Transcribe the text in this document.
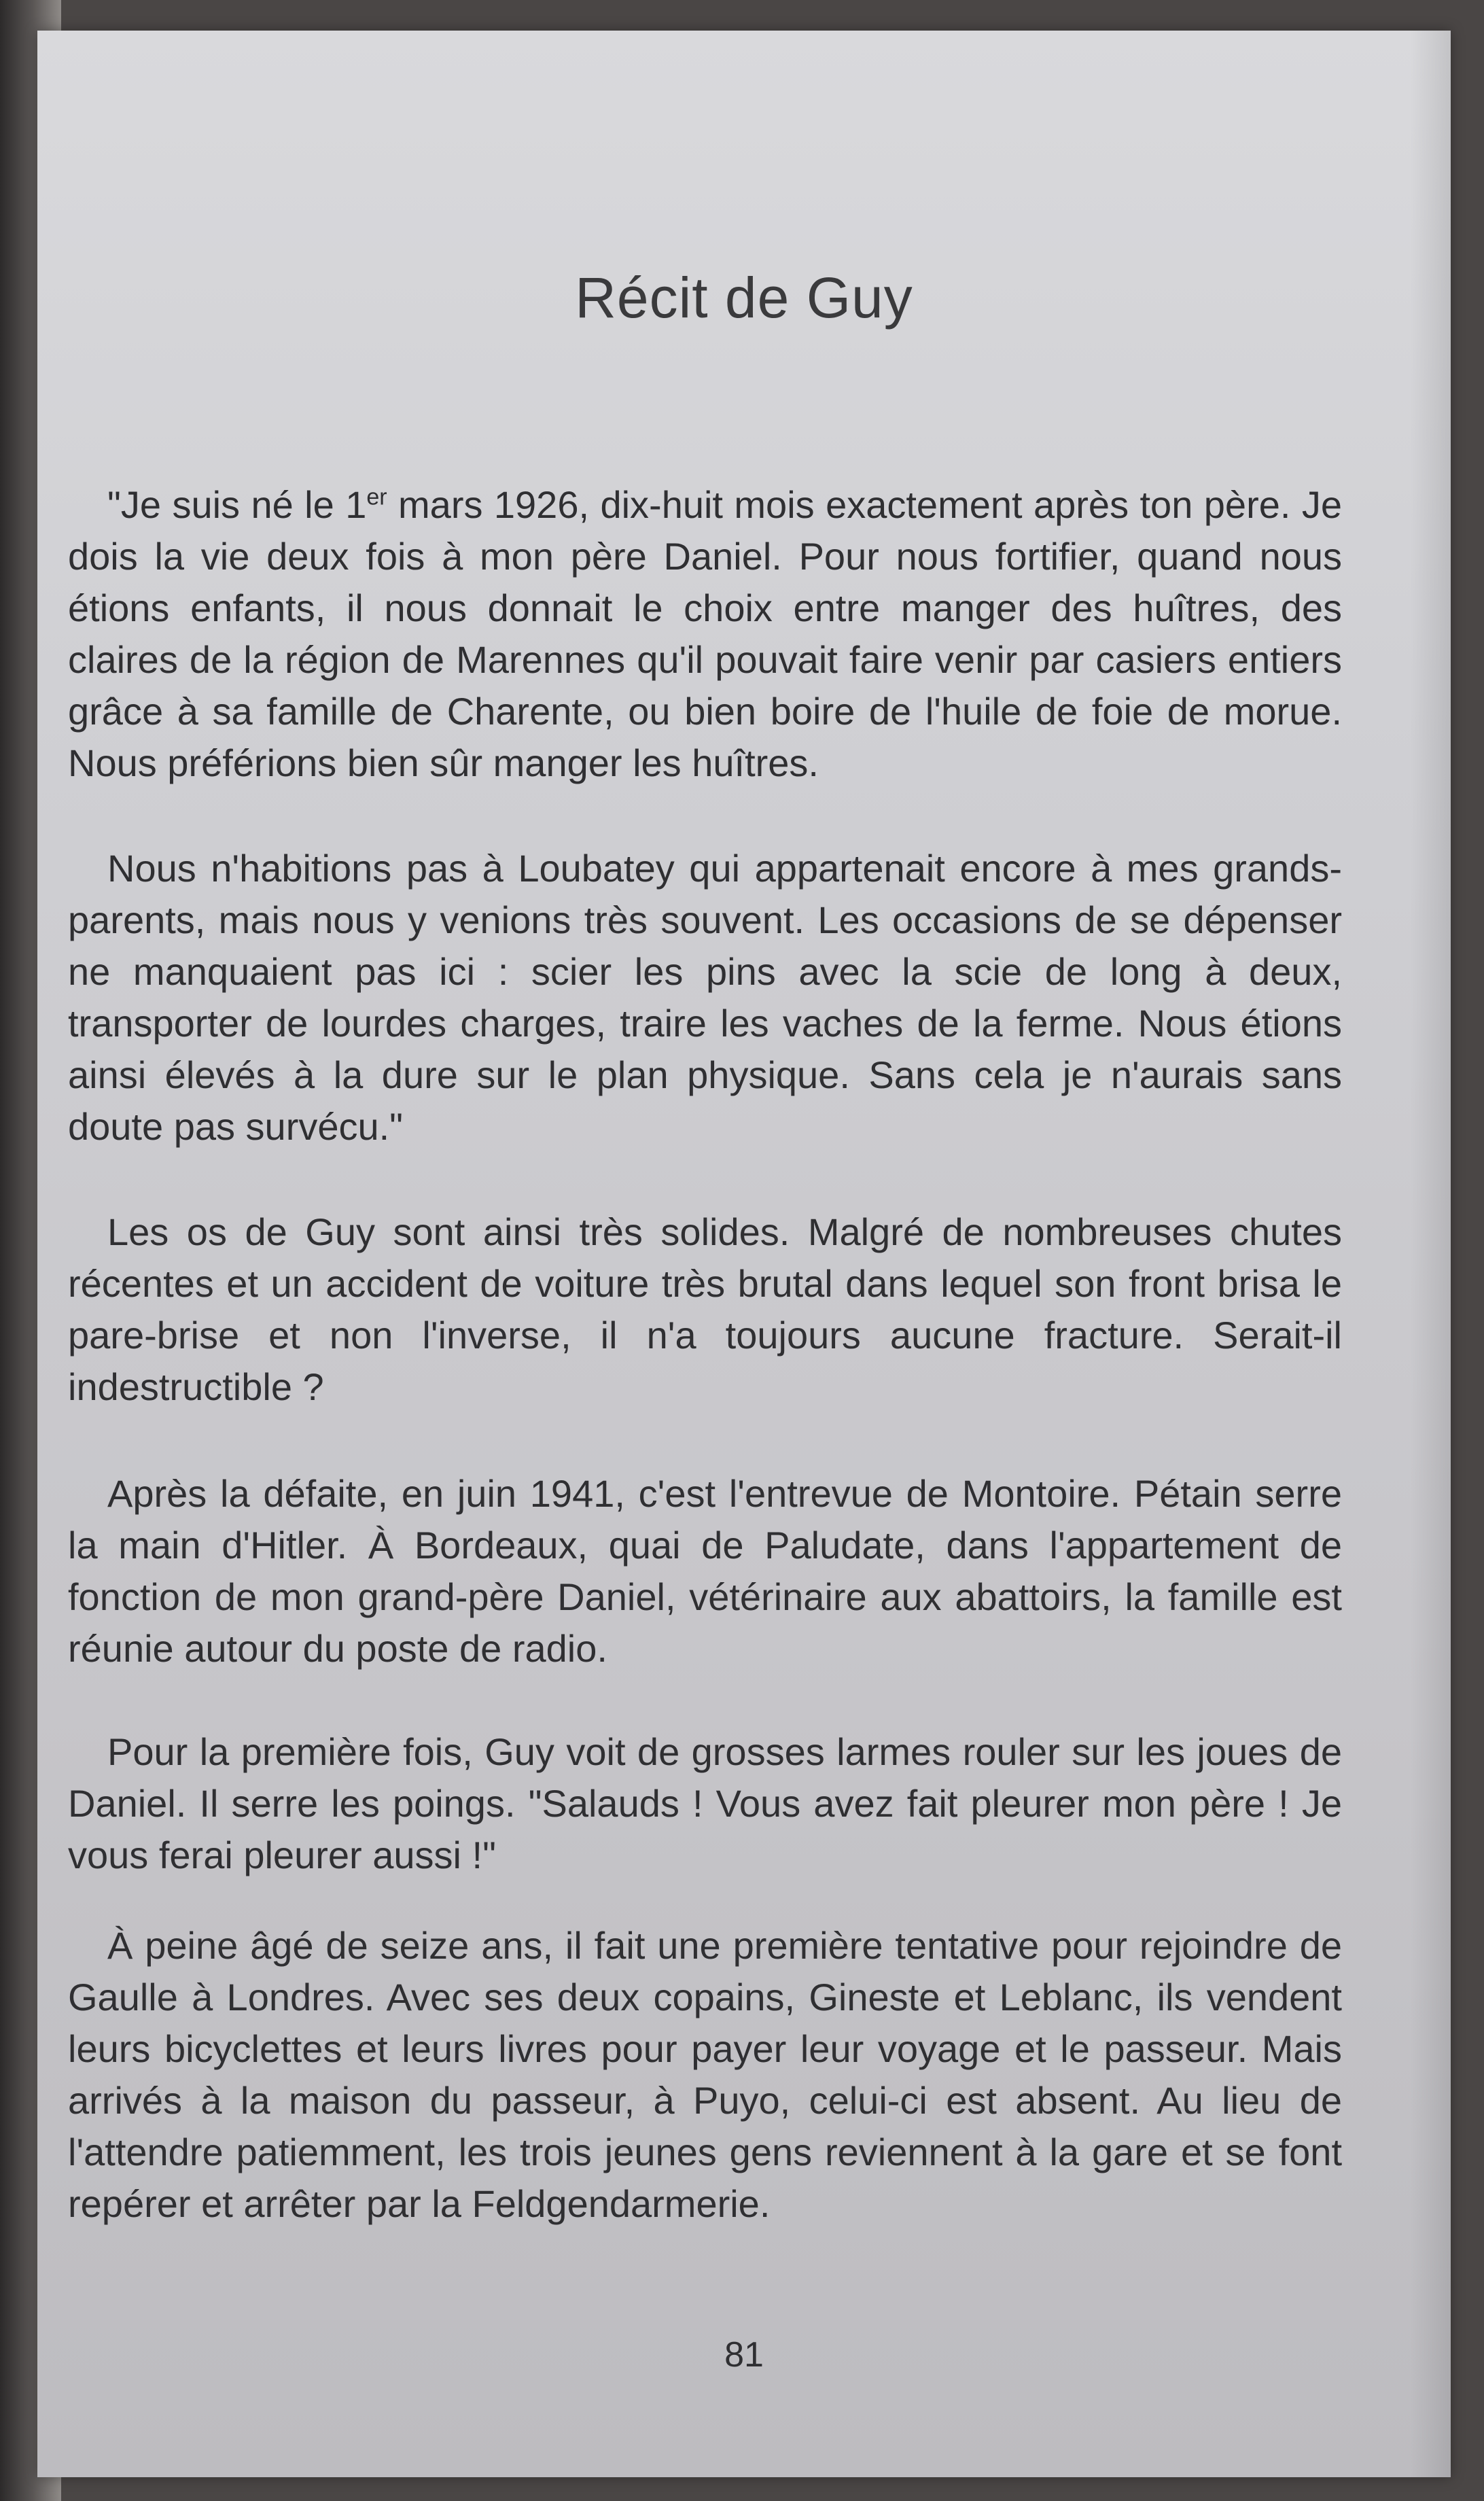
Récit de Guy

"Je suis né le 1er mars 1926, dix-huit mois exactement après ton père. Je dois la vie deux fois à mon père Daniel. Pour nous fortifier, quand nous étions enfants, il nous donnait le choix entre manger des huîtres, des claires de la région de Marennes qu'il pouvait faire venir par casiers entiers grâce à sa famille de Charente, ou bien boire de l'huile de foie de morue. Nous préférions bien sûr manger les huîtres.

Nous n'habitions pas à Loubatey qui appartenait encore à mes grands-parents, mais nous y venions très souvent. Les occasions de se dépenser ne manquaient pas ici : scier les pins avec la scie de long à deux, transporter de lourdes charges, traire les vaches de la ferme. Nous étions ainsi élevés à la dure sur le plan physique. Sans cela je n'aurais sans doute pas survécu."

Les os de Guy sont ainsi très solides. Malgré de nombreuses chutes récentes et un accident de voiture très brutal dans lequel son front brisa le pare-brise et non l'inverse, il n'a toujours aucune fracture. Serait-il indestructible ?

Après la défaite, en juin 1941, c'est l'entrevue de Montoire. Pétain serre la main d'Hitler. À Bordeaux, quai de Paludate, dans l'appartement de fonction de mon grand-père Daniel, vétérinaire aux abattoirs, la famille est réunie autour du poste de radio.

Pour la première fois, Guy voit de grosses larmes rouler sur les joues de Daniel. Il serre les poings. "Salauds ! Vous avez fait pleurer mon père ! Je vous ferai pleurer aussi !"

À peine âgé de seize ans, il fait une première tentative pour rejoindre de Gaulle à Londres. Avec ses deux copains, Gineste et Leblanc, ils vendent leurs bicyclettes et leurs livres pour payer leur voyage et le passeur. Mais arrivés à la maison du passeur, à Puyo, celui-ci est absent. Au lieu de l'attendre patiemment, les trois jeunes gens reviennent à la gare et se font repérer et arrêter par la Feldgendarmerie.

81
